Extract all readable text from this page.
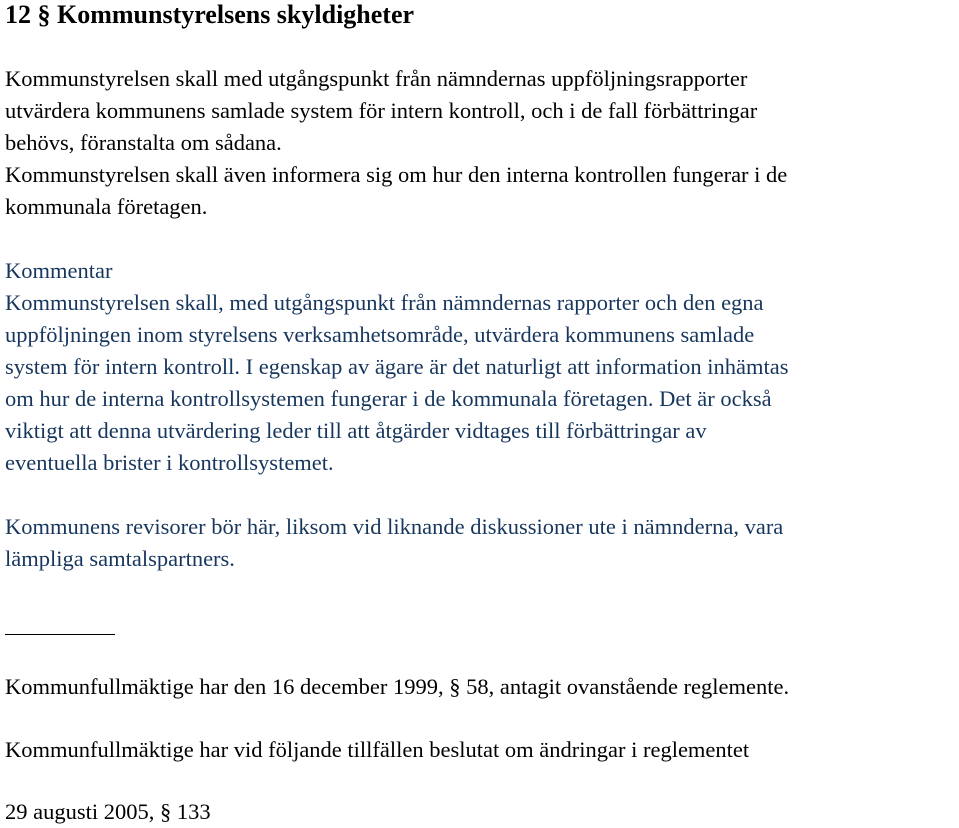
12 § Kommunstyrelsens skyldigheter
Kommunstyrelsen skall med utgångspunkt från nämndernas uppföljningsrapporter
utvärdera kommunens samlade system för intern kontroll, och i de fall förbättringar
behövs, föranstalta om sådana.
Kommunstyrelsen skall även informera sig om hur den interna kontrollen fungerar i de
kommunala företagen.
Kommentar
Kommunstyrelsen skall, med utgångspunkt från nämndernas rapporter och den egna
uppföljningen inom styrelsens verksamhetsområde, utvärdera kommunens samlade
system för intern kontroll. I egenskap av ägare är det naturligt att information inhämtas
om hur de interna kontrollsystemen fungerar i de kommunala företagen. Det är också
viktigt att denna utvärdering leder till att åtgärder vidtages till förbättringar av
eventuella brister i kontrollsystemet.
Kommunens revisorer bör här, liksom vid liknande diskussioner ute i nämnderna, vara
lämpliga samtalspartners.
Kommunfullmäktige har den 16 december 1999, § 58, antagit ovanstående reglemente.
Kommunfullmäktige har vid följande tillfällen beslutat om ändringar i reglementet
29 augusti 2005, § 133
